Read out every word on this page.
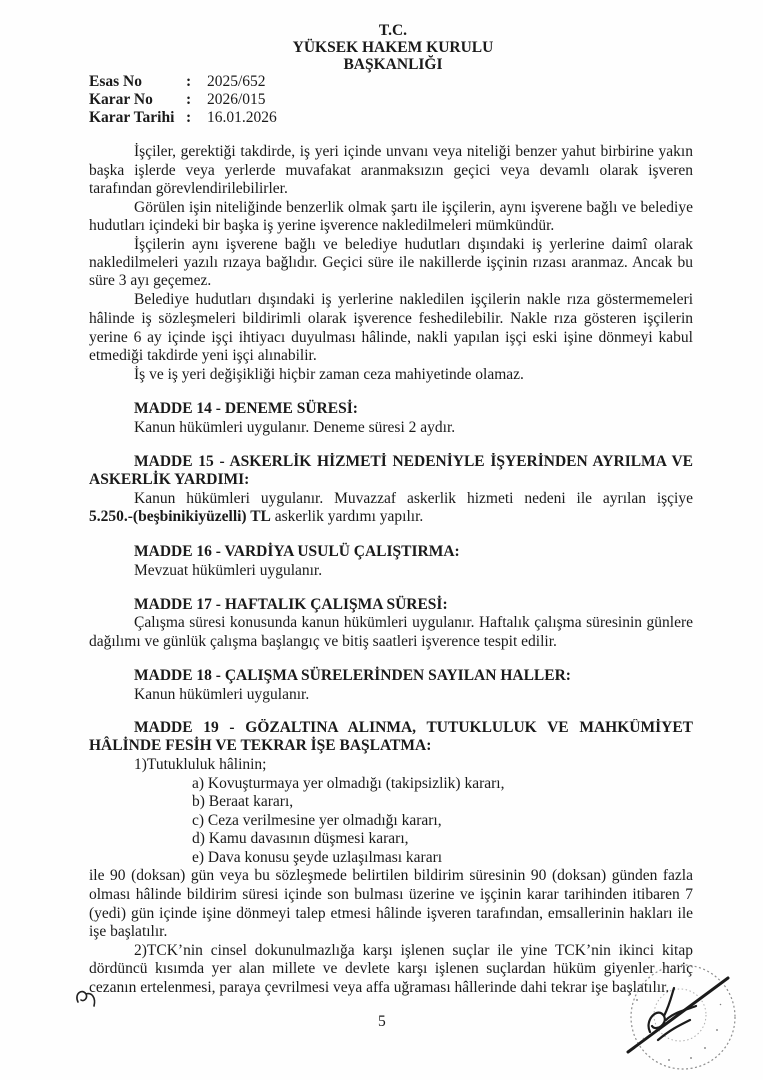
T.C.
YÜKSEK HAKEM KURULU
BAŞKANLIĞI
Esas No	: 2025/652
Karar No : 2026/015
Karar Tarihi : 16.01.2026
İşçiler, gerektiği takdirde, iş yeri içinde unvanı veya niteliği benzer yahut birbirine yakın
başka işlerde veya yerlerde muvafakat aranmaksızın geçici veya devamlı olarak işveren
tarafından görevlendirilebilirler.
Görülen işin niteliğinde benzerlik olmak şartı ile işçilerin, aynı işverene bağlı ve belediye
hudutları içindeki bir başka iş yerine işverence nakledilmeleri mümkündür.
İşçilerin aynı işverene bağlı ve belediye hudutları dışındaki iş yerlerine daimî olarak
nakledilmeleri yazılı rızaya bağlıdır. Geçici süre ile nakillerde işçinin rızası aranmaz. Ancak bu
süre 3 ayı geçemez.
Belediye hudutları dışındaki iş yerlerine nakledilen işçilerin nakle rıza göstermemeleri
hâlinde iş sözleşmeleri bildirimli olarak işverence feshedilebilir. Nakle rıza gösteren işçilerin
yerine 6 ay içinde işçi ihtiyacı duyulması hâlinde, nakli yapılan işçi eski işine dönmeyi kabul
etmediği takdirde yeni işçi alınabilir.
İş ve iş yeri değişikliği hiçbir zaman ceza mahiyetinde olamaz.
MADDE 14 - DENEME SÜRESİ:
Kanun hükümleri uygulanır. Deneme süresi 2 aydır.
MADDE 15 - ASKERLİK HİZMETİ NEDENİYLE İŞYERİNDEN AYRILMA VE
ASKERLİK YARDIMI:
Kanun hükümleri uygulanır. Muvazzaf askerlik hizmeti nedeni ile ayrılan işçiye
5.250.-(beşbinikiyüzelli) TL askerlik yardımı yapılır.
MADDE 16 - VARDİYA USULÜ ÇALIŞTIRMA:
Mevzuat hükümleri uygulanır.
MADDE 17 - HAFTALIK ÇALIŞMA SÜRESİ:
Çalışma süresi konusunda kanun hükümleri uygulanır. Haftalık çalışma süresinin günlere
dağılımı ve günlük çalışma başlangıç ve bitiş saatleri işverence tespit edilir.
MADDE 18 - ÇALIŞMA SÜRELERİNDEN SAYILAN HALLER:
Kanun hükümleri uygulanır.
MADDE 19 - GÖZALTINA ALINMA, TUTUKLULUK VE MAHKÛMİYET
HÂLİNDE FESİH VE TEKRAR İŞE BAŞLATMA:
1)Tutukluluk hâlinin;
a) Kovuşturmaya yer olmadığı (takipsizlik) kararı,
b) Beraat kararı,
c) Ceza verilmesine yer olmadığı kararı,
d) Kamu davasının düşmesi kararı,
e) Dava konusu şeyde uzlaşılması kararı
ile 90 (doksan) gün veya bu sözleşmede belirtilen bildirim süresinin 90 (doksan) günden fazla
olması hâlinde bildirim süresi içinde son bulması üzerine ve işçinin karar tarihinden itibaren 7
(yedi) gün içinde işine dönmeyi talep etmesi hâlinde işveren tarafından, emsallerinin hakları ile
işe başlatılır.
2)TCK’nin cinsel dokunulmazlığa karşı işlenen suçlar ile yine TCK’nin ikinci kitap
dördüncü kısımda yer alan millete ve devlete karşı işlenen suçlardan hüküm giyenler hariç
cezanın ertelenmesi, paraya çevrilmesi veya affa uğraması hâllerinde dahi tekrar işe başlatılır.
5
